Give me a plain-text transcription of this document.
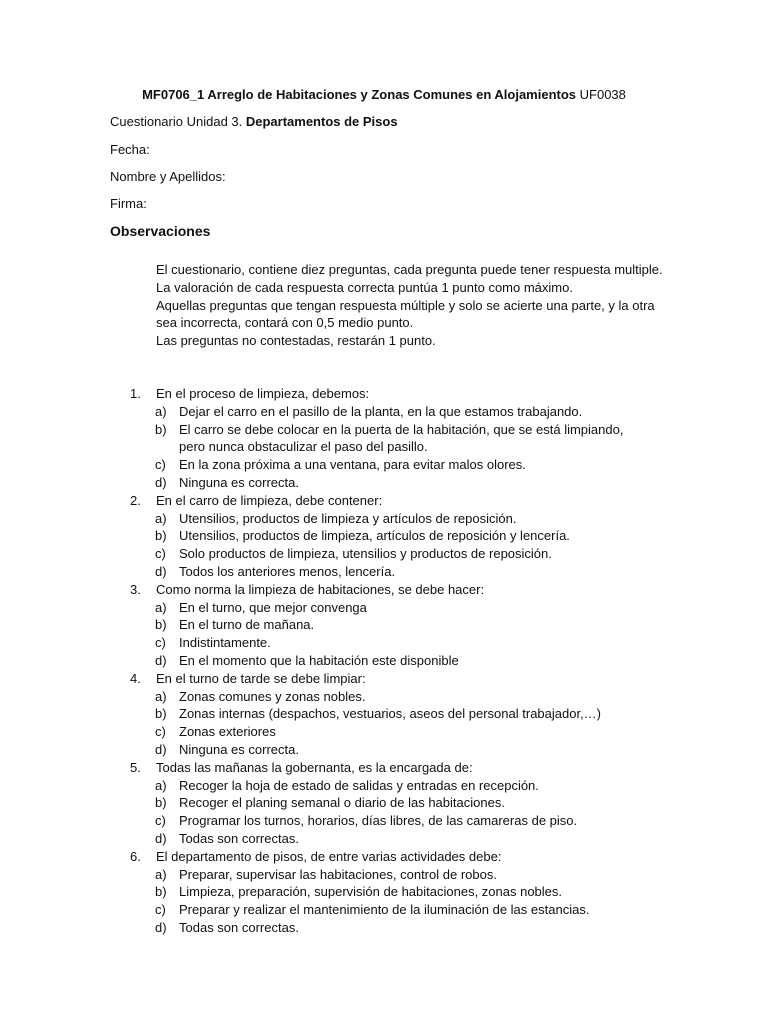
MF0706_1 Arreglo de Habitaciones y Zonas Comunes en Alojamientos UF0038
Cuestionario Unidad 3. Departamentos de Pisos
Fecha:
Nombre y Apellidos:
Firma:
Observaciones

El cuestionario, contiene diez preguntas, cada pregunta puede tener respuesta multiple.

La valoración de cada respuesta correcta puntúa 1 punto como máximo.

Aquellas preguntas que tengan respuesta múltiple y solo se acierte una parte, y la otra sea incorrecta, contará con 0,5 medio punto.

Las preguntas no contestadas, restarán 1 punto.

En el proceso de limpieza, debemos:
1.
a) Dejar el carro en el pasillo de la planta, en la que estamos trabajando.
b) El carro se debe colocar en la puerta de la habitación, que se está limpiando, pero nunca obstaculizar el paso del pasillo.
c) En la zona próxima a una ventana, para evitar malos olores.
d) Ninguna es correcta.
En el carro de limpieza, debe contener:
2.
a) Utensilios, productos de limpieza y artículos de reposición.
b) Utensilios, productos de limpieza, artículos de reposición y lencería.
c) Solo productos de limpieza, utensilios y productos de reposición.
d) Todos los anteriores menos, lencería.
Como norma la limpieza de habitaciones, se debe hacer:
3.
a) En el turno, que mejor convenga
b) En el turno de mañana.
c) Indistintamente.
d) En el momento que la habitación este disponible
En el turno de tarde se debe limpiar:
4.
a) Zonas comunes y zonas nobles.
b) Zonas internas (despachos, vestuarios, aseos del personal trabajador,…)
c) Zonas exteriores
d) Ninguna es correcta.
Todas las mañanas la gobernanta, es la encargada de:
5.
a) Recoger la hoja de estado de salidas y entradas en recepción.
b) Recoger el planing semanal o diario de las habitaciones.
c) Programar los turnos, horarios, días libres, de las camareras de piso.
d) Todas son correctas.
El departamento de pisos, de entre varias actividades debe:
6.
a) Preparar, supervisar las habitaciones, control de robos.
b) Limpieza, preparación, supervisión de habitaciones, zonas nobles.
c) Preparar y realizar el mantenimiento de la iluminación de las estancias.
d) Todas son correctas.
